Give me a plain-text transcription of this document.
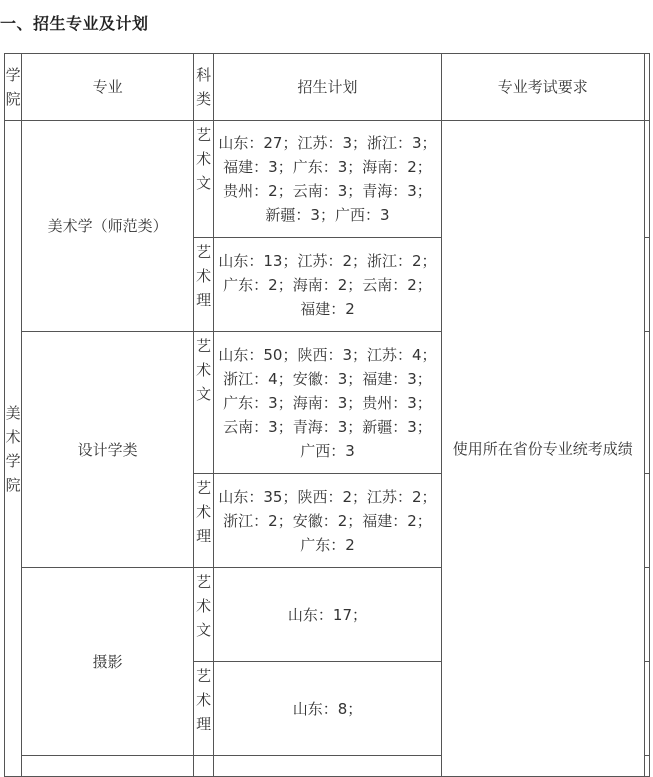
一、招生专业及计划
学院	专业	科类	招生计划	专业考试要求	
美术学院	美术学（师范类）	艺术文	山东：27；江苏：3；浙江：3；福建：3；广东：3；海南：2；贵州：2；云南：3；青海：3；新疆：3；广西：3	使用所在省份专业统考成绩	
		艺术理	山东：13；江苏：2；浙江：2；广东：2；海南：2；云南：2；福建：2		
	设计学类	艺术文	山东：50；陕西：3；江苏：4；浙江：4；安徽：3；福建：3；广东：3；海南：3；贵州：3；云南：3；青海：3；新疆：3；广西：3		
		艺术理	山东：35；陕西：2；江苏：2；浙江：2；安徽：2；福建：2；广东：2		
	摄影	艺术文	山东：17；		
		艺术理	山东：8；		
